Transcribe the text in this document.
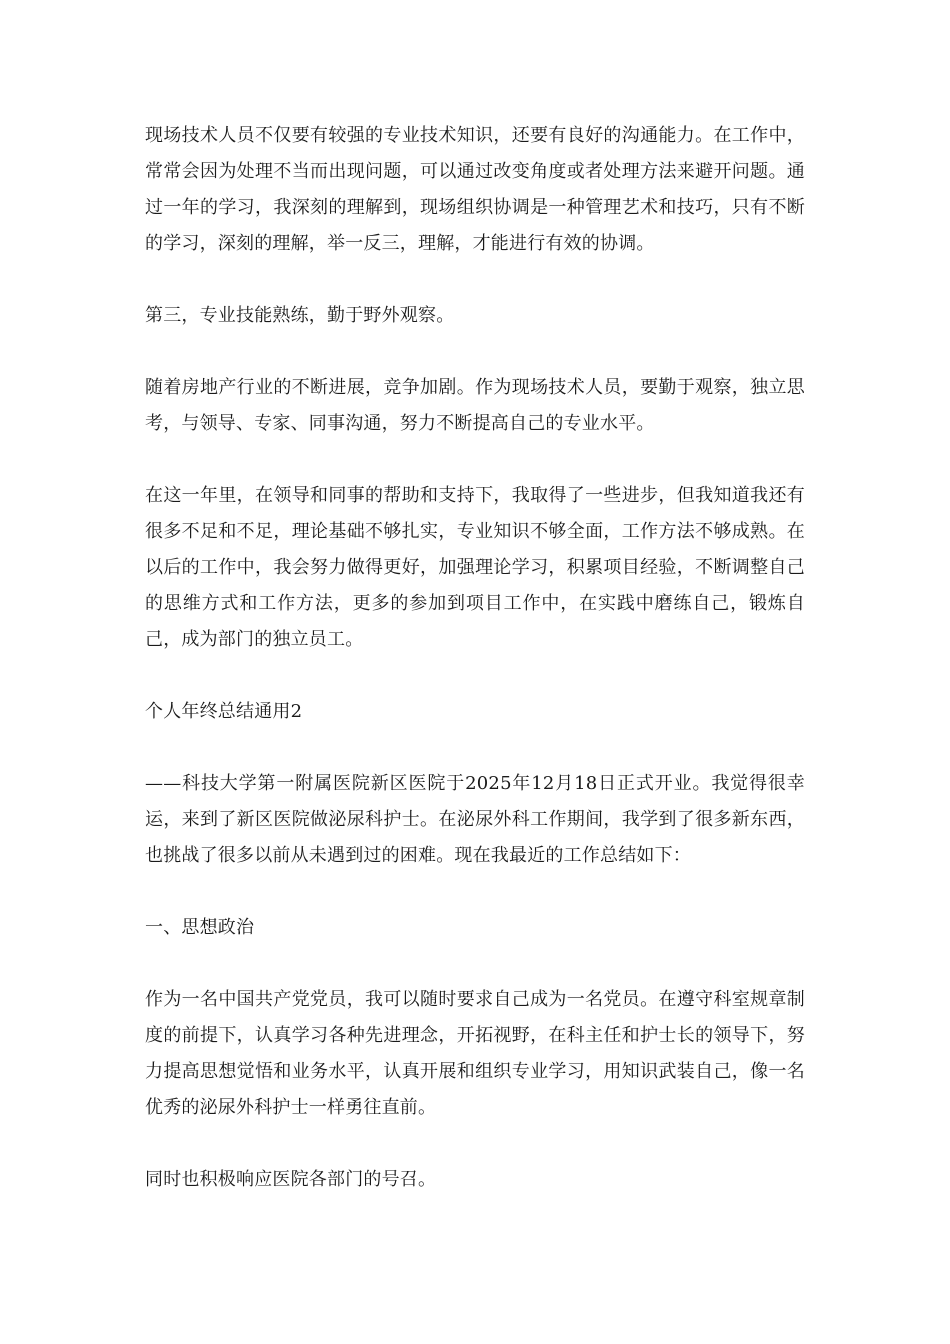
现场技术人员不仅要有较强的专业技术知识，还要有良好的沟通能力。在工作中，常常会因为处理不当而出现问题，可以通过改变角度或者处理方法来避开问题。通过一年的学习，我深刻的理解到，现场组织协调是一种管理艺术和技巧，只有不断的学习，深刻的理解，举一反三，理解，才能进行有效的协调。

第三，专业技能熟练，勤于野外观察。

随着房地产行业的不断进展，竞争加剧。作为现场技术人员，要勤于观察，独立思考，与领导、专家、同事沟通，努力不断提高自己的专业水平。

在这一年里，在领导和同事的帮助和支持下，我取得了一些进步，但我知道我还有很多不足和不足，理论基础不够扎实，专业知识不够全面，工作方法不够成熟。在以后的工作中，我会努力做得更好，加强理论学习，积累项目经验，不断调整自己的思维方式和工作方法，更多的参加到项目工作中，在实践中磨练自己，锻炼自己，成为部门的独立员工。

个人年终总结通用2

——科技大学第一附属医院新区医院于2025年12月18日正式开业。我觉得很幸运，来到了新区医院做泌尿科护士。在泌尿外科工作期间，我学到了很多新东西，也挑战了很多以前从未遇到过的困难。现在我最近的工作总结如下：

一、思想政治

作为一名中国共产党党员，我可以随时要求自己成为一名党员。在遵守科室规章制度的前提下，认真学习各种先进理念，开拓视野，在科主任和护士长的领导下，努力提高思想觉悟和业务水平，认真开展和组织专业学习，用知识武装自己，像一名优秀的泌尿外科护士一样勇往直前。

同时也积极响应医院各部门的号召。
